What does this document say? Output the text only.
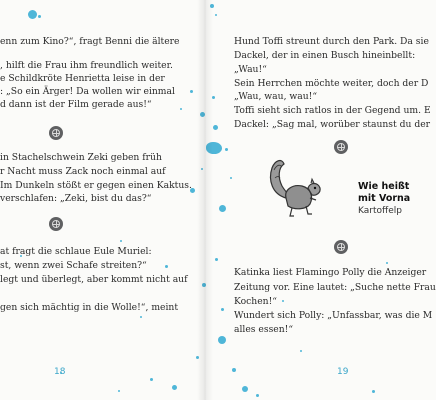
enn zum Kino?“, fragt Benni die ältere
, hilft die Frau ihm freundlich weiter.
e Schildkröte Henrietta leise in der
: „So ein Ärger! Da wollen wir einmal
d dann ist der Film gerade aus!“
in Stachelschwein Zeki geben früh
r Nacht muss Zack noch einmal auf
Im Dunkeln stößt er gegen einen Kaktus.
verschlafen: „Zeki, bist du das?“
at fragt die schlaue Eule Muriel:
st, wenn zwei Schafe streiten?“
legt und überlegt, aber kommt nicht auf
gen sich mächtig in die Wolle!“, meint
18
Hund Toffi streunt durch den Park. Da sie
Dackel, der in einen Busch hineinbellt:
„Wau!“
Sein Herrchen möchte weiter, doch der D
„Wau, wau, wau!“
Toffi sieht sich ratlos in der Gegend um. E
Dackel: „Sag mal, worüber staunst du der
Katinka liest Flamingo Polly die Anzeiger
Zeitung vor. Eine lautet: „Suche nette Frau
Kochen!“
Wundert sich Polly: „Unfassbar, was die M
alles essen!“
19
Wie heißt
mit Vorna
Kartoffelp
